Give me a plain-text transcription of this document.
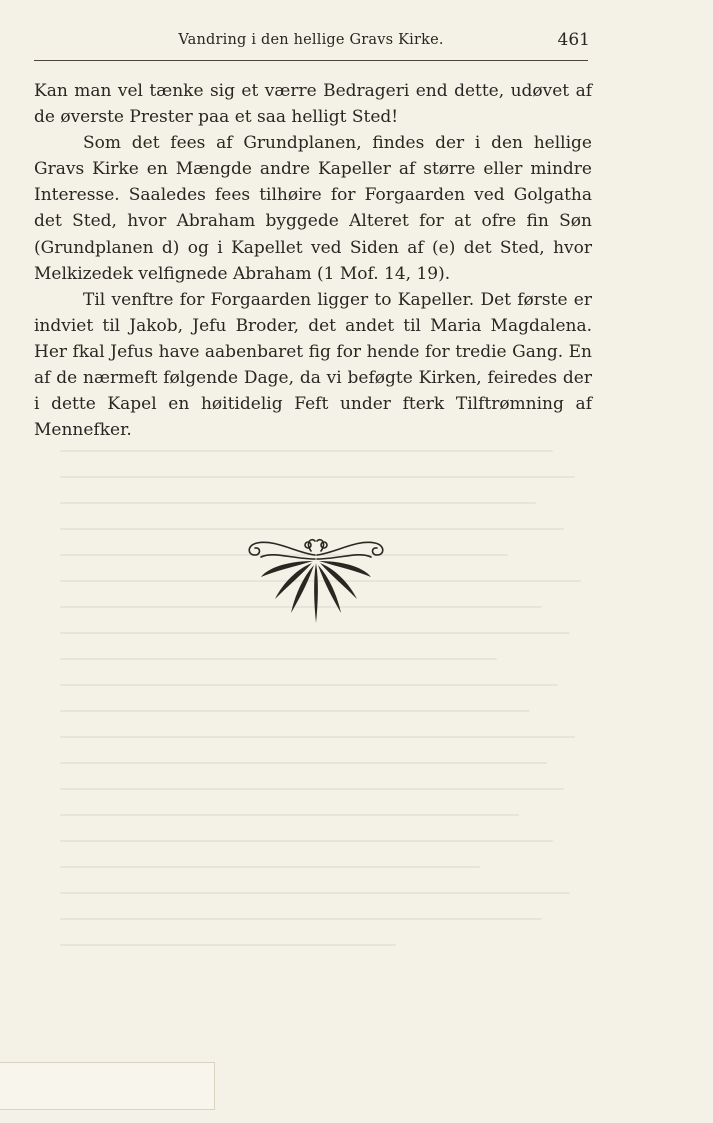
Vandring i den hellige Gravs Kirke.	461

Kan man vel tænke sig et værre Bedrageri end dette, udøvet af de øverste Prester paa et saa helligt Sted!

Som det fees af Grundplanen, findes der i den hellige Gravs Kirke en Mængde andre Kapeller af større eller mindre Interesse. Saaledes fees tilhøire for Forgaarden ved Golgatha det Sted, hvor Abraham byggede Alteret for at ofre fin Søn (Grundplanen d) og i Kapellet ved Siden af (e) det Sted, hvor Melkizedek velfignede Abraham (1 Mof. 14, 19).

Til venftre for Forgaarden ligger to Kapeller. Det første er indviet til Jakob, Jefu Broder, det andet til Maria Magdalena. Her fkal Jefus have aabenbaret fig for hende for tredie Gang. En af de nærmeft følgende Dage, da vi beføgte Kirken, feiredes der i dette Kapel en høitidelig Feft under fterk Tilftrømning af Mennefker.
